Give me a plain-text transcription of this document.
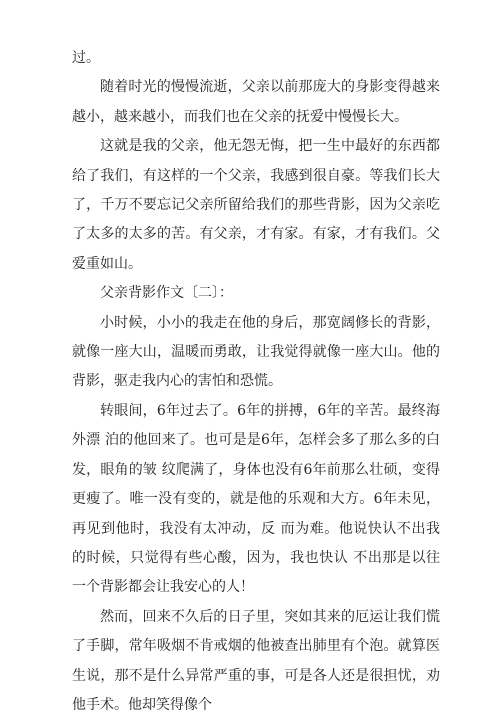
过。

随着时光的慢慢流逝，父亲以前那庞大的身影变得越来越小，越来越小，而我们也在父亲的抚爱中慢慢长大。

这就是我的父亲，他无怨无悔，把一生中最好的东西都给了我们，有这样的一个父亲，我感到很自豪。等我们长大了，千万不要忘记父亲所留给我们的那些背影，因为父亲吃了太多的太多的苦。有父亲，才有家。有家，才有我们。父爱重如山。

父亲背影作文〔二〕：

小时候，小小的我走在他的身后，那宽阔修长的背影，就像一座大山，温暖而勇敢，让我觉得就像一座大山。他的背影，驱走我内心的害怕和恐慌。

转眼间，6年过去了。6年的拼搏，6年的辛苦。最终海外漂 泊的他回来了。也可是是6年，怎样会多了那么多的白发，眼角的皱 纹爬满了，身体也没有6年前那么壮硕，变得更瘦了。唯一没有变的，就是他的乐观和大方。6年未见，再见到他时，我没有太冲动，反 而为难。他说快认不出我的时候，只觉得有些心酸，因为，我也快认 不出那是以往一个背影都会让我安心的人！

然而，回来不久后的日子里，突如其来的厄运让我们慌了手脚，常年吸烟不肯戒烟的他被查出肺里有个泡。就算医生说，那不是什么异常严重的事，可是各人还是很担忧，劝他手术。他却笑得像个
